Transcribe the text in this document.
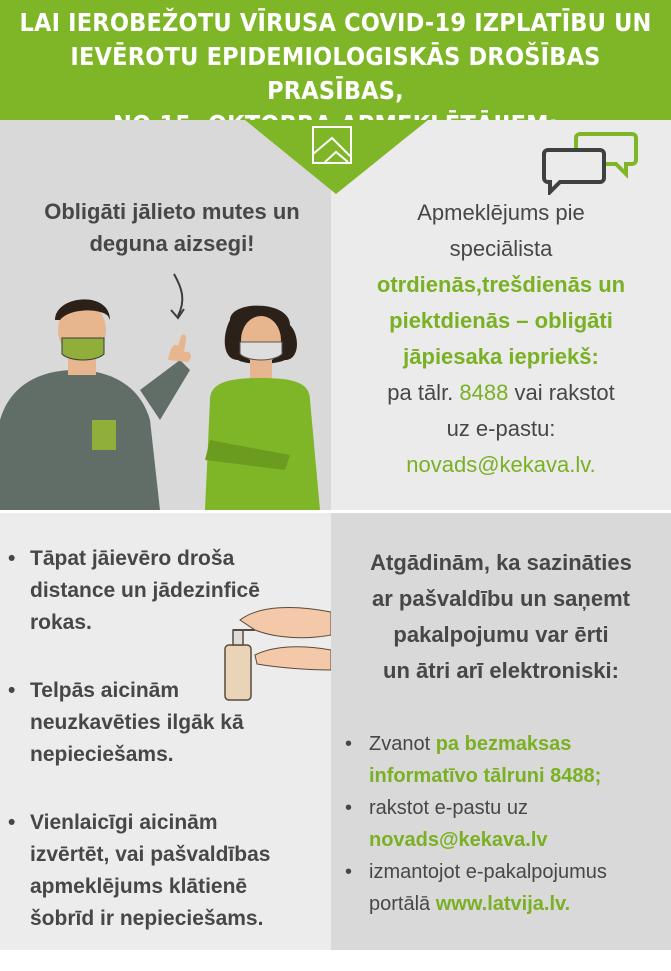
LAI IEROBEŽOTU VĪRUSA COVID-19 IZPLATĪBU UN
IEVĒROTU EPIDEMIOLOGISKĀS DROŠĪBAS PRASĪBAS,
Obligāti jālieto mutes un
deguna aizsegi!
Apmeklējums pie
speciālista
otrdienās,trešdienās un
piektdienās – obligāti
jāpiesaka iepriekš:
pa tālr. 8488 vai rakstot
uz e-pastu:
novads@kekava.lv.
• Tāpat jāievēro droša
distance un jādezinficē
rokas.
• Telpās aicinām
neuzkavēties ilgāk kā
nepieciešams.
• Vienlaicīgi aicinām
izvērtēt, vai pašvaldības
apmeklējums klātienē
šobrīd ir nepieciešams.
Atgādinām, ka sazināties
ar pašvaldību un saņemt
pakalpojumu var ērti
un ātri arī elektroniski:
• Zvanot pa bezmaksas
informatīvo tālruni 8488;
• rakstot e-pastu uz
novads@kekava.lv
• izmantojot e-pakalpojumus
portālā www.latvija.lv.
